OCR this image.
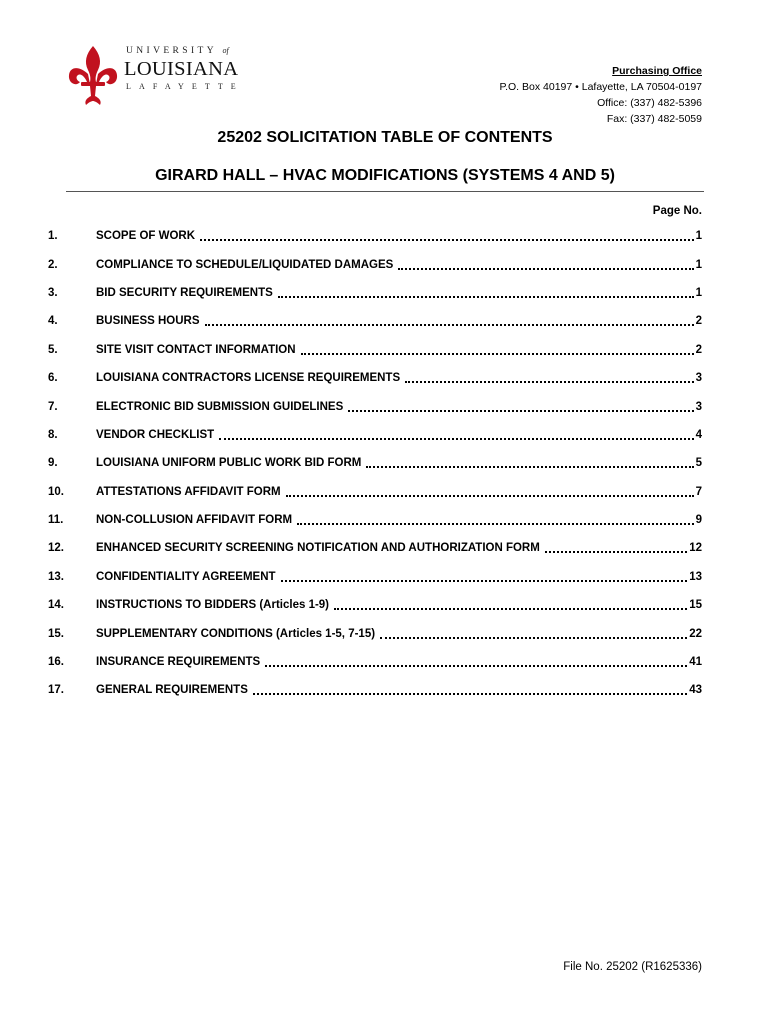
UNIVERSITY of
LOUISIANA
LAFAYETTE
Purchasing Office
P.O. Box 40197 • Lafayette, LA 70504-0197
Office: (337) 482-5396
Fax: (337) 482-5059
25202 SOLICITATION TABLE OF CONTENTS
GIRARD HALL – HVAC MODIFICATIONS (SYSTEMS 4 AND 5)
Page No.
1.	SCOPE OF WORK	1
2.	COMPLIANCE TO SCHEDULE/LIQUIDATED DAMAGES	1
3.	BID SECURITY REQUIREMENTS	1
4.	BUSINESS HOURS	2
5.	SITE VISIT CONTACT INFORMATION	2
6.	LOUISIANA CONTRACTORS LICENSE REQUIREMENTS	3
7.	ELECTRONIC BID SUBMISSION GUIDELINES	3
8.	VENDOR CHECKLIST	4
9.	LOUISIANA UNIFORM PUBLIC WORK BID FORM	5
10.	ATTESTATIONS AFFIDAVIT FORM	7
11.	NON-COLLUSION AFFIDAVIT FORM	9
12.	ENHANCED SECURITY SCREENING NOTIFICATION AND AUTHORIZATION FORM	12
13.	CONFIDENTIALITY AGREEMENT	13
14.	INSTRUCTIONS TO BIDDERS (Articles 1-9)	15
15.	SUPPLEMENTARY CONDITIONS (Articles 1-5, 7-15)	22
16.	INSURANCE REQUIREMENTS	41
17.	GENERAL REQUIREMENTS	43
File No. 25202 (R1625336)
